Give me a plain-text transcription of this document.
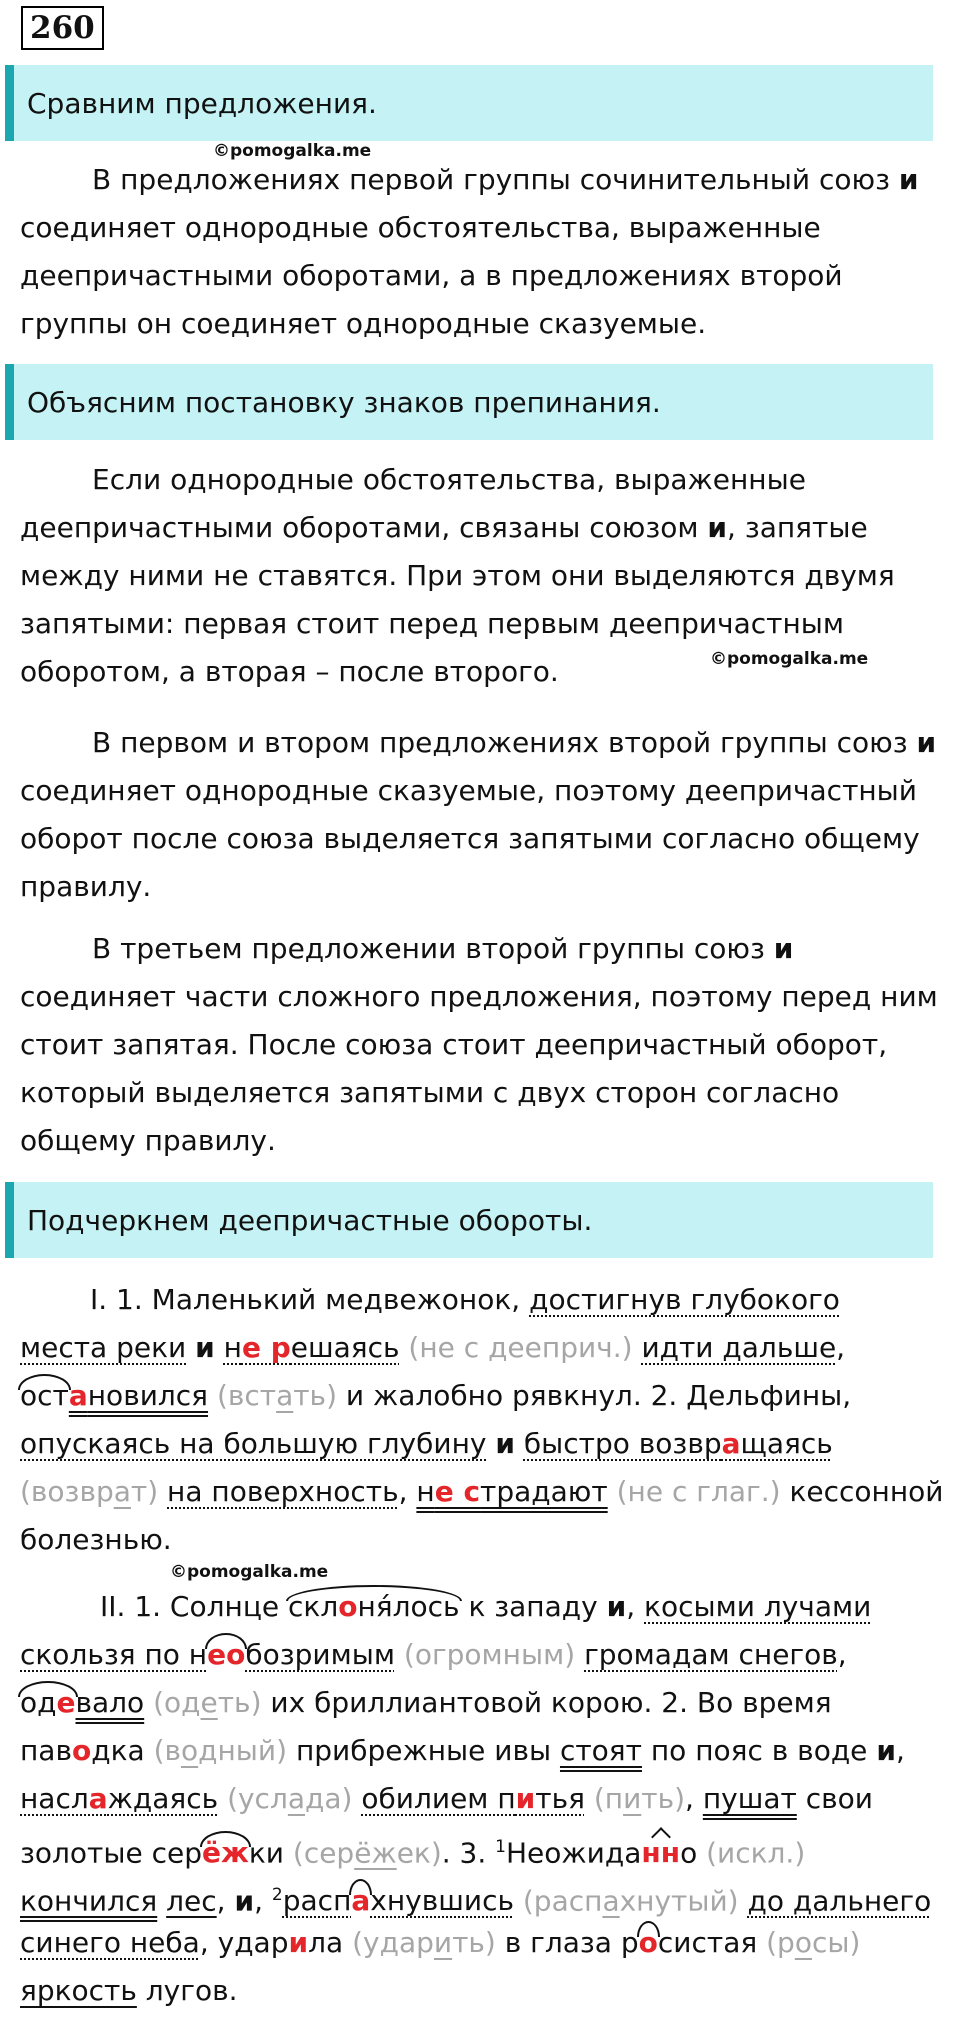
260
Сравним предложения.
©pomogalka.me
В предложениях первой группы сочинительный союз и соединяет однородные обстоятельства, выраженные деепричастными оборотами, а в предложениях второй группы он соединяет однородные сказуемые.
Объясним постановку знаков препинания.
Если однородные обстоятельства, выраженные деепричастными оборотами, связаны союзом и, запятые между ними не ставятся. При этом они выделяются двумя запятыми: первая стоит перед первым деепричастным оборотом, а вторая – после второго.	©pomogalka.me
В первом и втором предложениях второй группы союз и соединяет однородные сказуемые, поэтому деепричастный оборот после союза выделяется запятыми согласно общему правилу.
В третьем предложении второй группы союз и соединяет части сложного предложения, поэтому перед ним стоит запятая. После союза стоит деепричастный оборот, который выделяется запятыми с двух сторон согласно общему правилу.
Подчеркнем деепричастные обороты.
I. 1. Маленький медвежонок, достигнув глубокого
места реки и не решаясь (не с дееприч.) идти дальше,
остановился (встать) и жалобно рявкнул. 2. Дельфины,
опускаясь на большую глубину и быстро возвращаясь
(возврат) на поверхность, не страдают (не с глаг.) кессонной
болезнью.
©pomogalka.me
II. 1. Солнце склоня́лось к западу и, косыми лучами
скользя по необозримым (огромным) громадам снегов,
одевало (одеть) их бриллиантовой корою. 2. Во время
паводка (водный) прибрежные ивы стоят по пояс в воде и,
наслаждаясь (услада) обилием питья (пить), пушат свои
золотые серёжки (серёжек). 3. $^1$Неожиданно (искл.)
кончился лес, и, $^2$распахнувшись (распахнутый) до дальнего
синего неба, ударила (ударить) в глаза росистая (росы)
яркость лугов.
